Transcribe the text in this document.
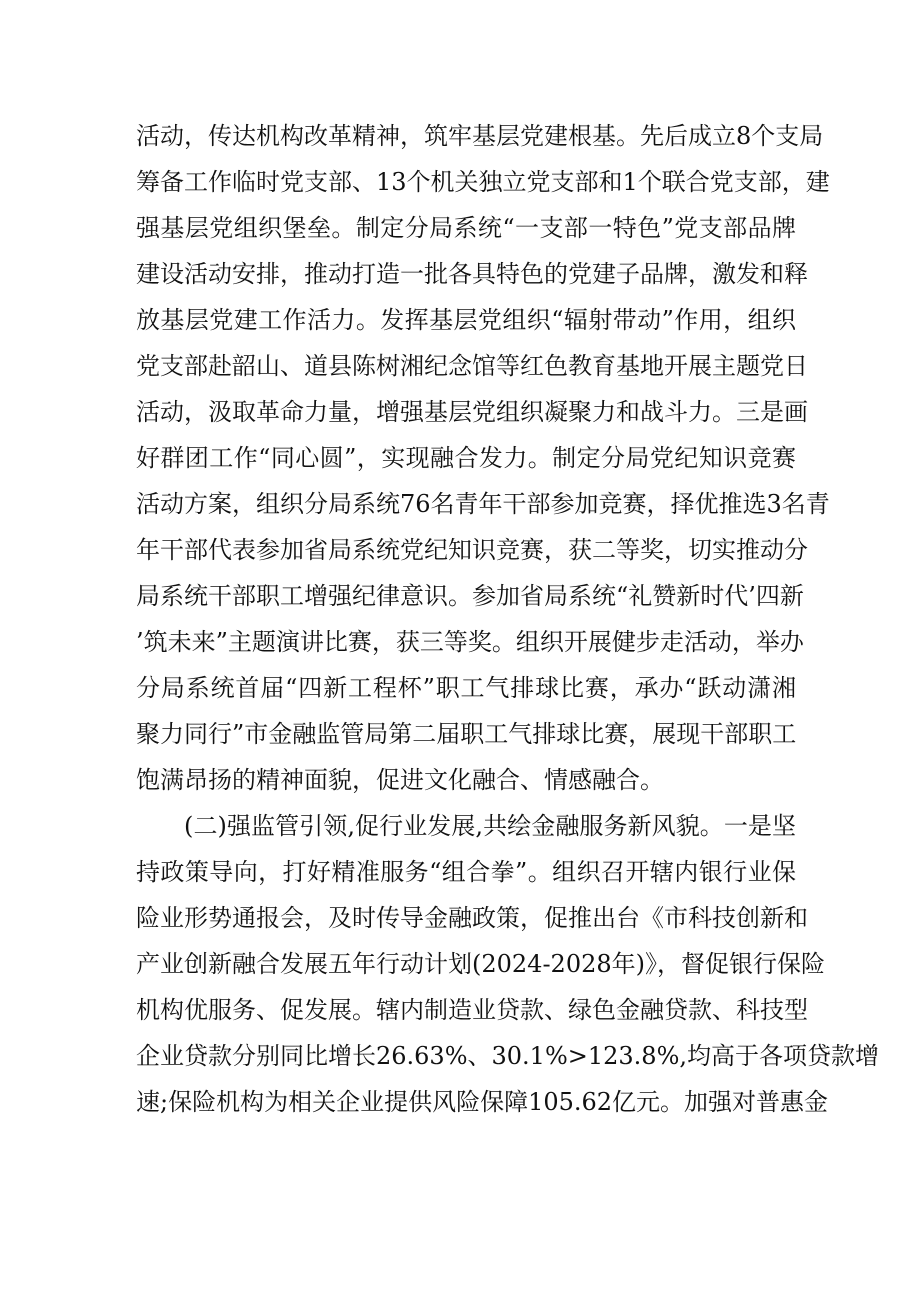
活动，传达机构改革精神，筑牢基层党建根基。先后成立8个支局
筹备工作临时党支部、13个机关独立党支部和1个联合党支部，建
强基层党组织堡垒。制定分局系统“一支部一特色”党支部品牌
建设活动安排，推动打造一批各具特色的党建子品牌，激发和释
放基层党建工作活力。发挥基层党组织“辐射带动”作用，组织
党支部赴韶山、道县陈树湘纪念馆等红色教育基地开展主题党日
活动，汲取革命力量，增强基层党组织凝聚力和战斗力。三是画
好群团工作“同心圆”，实现融合发力。制定分局党纪知识竞赛
活动方案，组织分局系统76名青年干部参加竞赛，择优推选3名青
年干部代表参加省局系统党纪知识竞赛，获二等奖，切实推动分
局系统干部职工增强纪律意识。参加省局系统“礼赞新时代’四新
’筑未来”主题演讲比赛，获三等奖。组织开展健步走活动，举办
分局系统首届“四新工程杯”职工气排球比赛，承办“跃动潇湘
聚力同行”市金融监管局第二届职工气排球比赛，展现干部职工
饱满昂扬的精神面貌，促进文化融合、情感融合。
(二)强监管引领,促行业发展,共绘金融服务新风貌。一是坚
持政策导向，打好精准服务“组合拳”。组织召开辖内银行业保
险业形势通报会，及时传导金融政策，促推出台《市科技创新和
产业创新融合发展五年行动计划(2024-2028年)》，督促银行保险
机构优服务、促发展。辖内制造业贷款、绿色金融贷款、科技型
企业贷款分别同比增长26.63%、30.1%>123.8%,均高于各项贷款增
速;保险机构为相关企业提供风险保障105.62亿元。加强对普惠金
